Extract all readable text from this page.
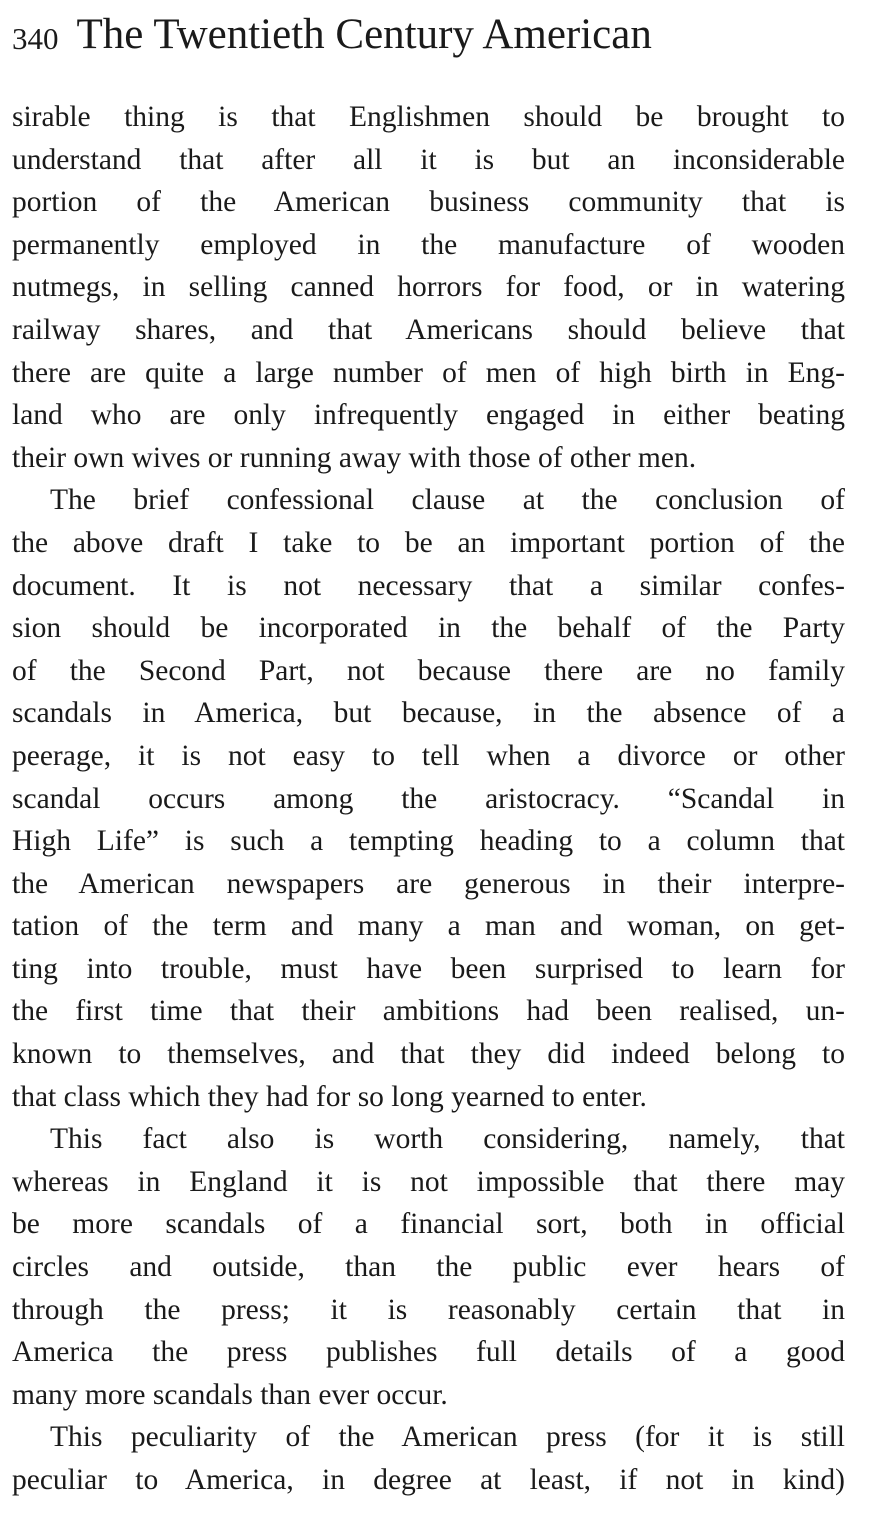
340 The Twentieth Century American
sirable thing is that Englishmen should be brought to
understand that after all it is but an inconsiderable
portion of the American business community that is
permanently employed in the manufacture of wooden
nutmegs, in selling canned horrors for food, or in watering
railway shares, and that Americans should believe that
there are quite a large number of men of high birth in Eng-
land who are only infrequently engaged in either beating
their own wives or running away with those of other men.
The brief confessional clause at the conclusion of
the above draft I take to be an important portion of the
document. It is not necessary that a similar confes-
sion should be incorporated in the behalf of the Party
of the Second Part, not because there are no family
scandals in America, but because, in the absence of a
peerage, it is not easy to tell when a divorce or other
scandal occurs among the aristocracy. “Scandal in
High Life” is such a tempting heading to a column that
the American newspapers are generous in their interpre-
tation of the term and many a man and woman, on get-
ting into trouble, must have been surprised to learn for
the first time that their ambitions had been realised, un-
known to themselves, and that they did indeed belong to
that class which they had for so long yearned to enter.
This fact also is worth considering, namely, that
whereas in England it is not impossible that there may
be more scandals of a financial sort, both in official
circles and outside, than the public ever hears of
through the press; it is reasonably certain that in
America the press publishes full details of a good
many more scandals than ever occur.
This peculiarity of the American press (for it is still
peculiar to America, in degree at least, if not in kind)
